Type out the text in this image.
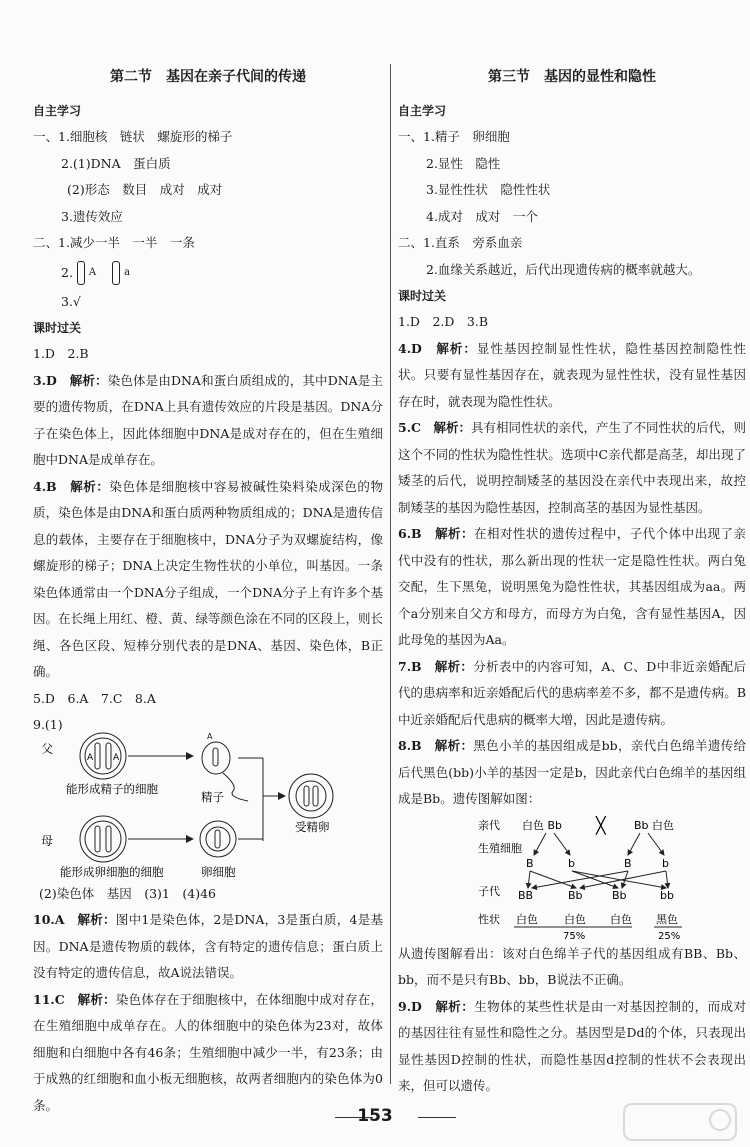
第二节　基因在亲子代间的传递
自主学习
一、1.细胞核　链状　螺旋形的梯子
2.(1)DNA　蛋白质
(2)形态　数目　成对　成对
3.遗传效应
二、1.减少一半　一半　一条
2. A
	a
3.√
课时过关
1.D　2.B
3.D　解析：染色体是由DNA和蛋白质组成的，其中DNA是主要的遗传物质，在DNA上具有遗传效应的片段是基因。DNA分子在染色体上，因此体细胞中DNA是成对存在的，但在生殖细胞中DNA是成单存在。
4.B　解析：染色体是细胞核中容易被碱性染料染成深色的物质，染色体是由DNA和蛋白质两种物质组成的；DNA是遗传信息的载体，主要存在于细胞核中，DNA分子为双螺旋结构，像螺旋形的梯子；DNA上决定生物性状的小单位，叫基因。一条染色体通常由一个DNA分子组成，一个DNA分子上有许多个基因。在长绳上用红、橙、黄、绿等颜色涂在不同的区段上，则长绳、各色区段、短棒分别代表的是DNA、基因、染色体，B正确。
5.D　6.A　7.C　8.A
9.(1)
父
A A
A
能形成精子的细胞
精子
受精卵
母
能形成卵细胞的细胞	卵细胞
(2)染色体　基因　(3)1　(4)46
10.A　解析：图中1是染色体，2是DNA，3是蛋白质，4是基因。DNA是遗传物质的载体，含有特定的遗传信息；蛋白质上没有特定的遗传信息，故A说法错误。
11.C　解析：染色体存在于细胞核中，在体细胞中成对存在，在生殖细胞中成单存在。人的体细胞中的染色体为23对，故体细胞和白细胞中各有46条；生殖细胞中减少一半，有23条；由于成熟的红细胞和血小板无细胞核，故两者细胞内的染色体为0条。
第三节　基因的显性和隐性
自主学习
一、1.精子　卵细胞
2.显性　隐性
3.显性性状　隐性性状
4.成对　成对　一个
二、1.直系　旁系血亲
2.血缘关系越近，后代出现遗传病的概率就越大。
课时过关
1.D　2.D　3.B
4.D　解析：显性基因控制显性性状，隐性基因控制隐性性状。只要有显性基因存在，就表现为显性性状，没有显性基因存在时，就表现为隐性性状。
5.C　解析：具有相同性状的亲代，产生了不同性状的后代，则这个不同的性状为隐性性状。选项中C亲代都是高茎，却出现了矮茎的后代，说明控制矮茎的基因没在亲代中表现出来，故控制矮茎的基因为隐性基因，控制高茎的基因为显性基因。
6.B　解析：在相对性状的遗传过程中，子代个体中出现了亲代中没有的性状，那么新出现的性状一定是隐性性状。两白兔交配，生下黑兔，说明黑兔为隐性性状，其基因组成为aa。两个a分别来自父方和母方，而母方为白兔，含有显性基因A，因此母兔的基因为Aa。
7.B　解析：分析表中的内容可知，A、C、D中非近亲婚配后代的患病率和近亲婚配后代的患病率差不多，都不是遗传病。B中近亲婚配后代患病的概率大增，因此是遗传病。
8.B　解析：黑色小羊的基因组成是bb，亲代白色绵羊遗传给后代黑色(bb)小羊的基因一定是b，因此亲代白色绵羊的基因组成是Bb。遗传图解如图：
亲代
生殖细胞
子代
性状
白色 Bb ╳	Bb 白色
B	b	B	b
BB	Bb	Bb	bb
白色 白色 白色 黑色
75%	25%
从遗传图解看出：该对白色绵羊子代的基因组成有BB、Bb、bb，而不是只有Bb、bb，B说法不正确。
9.D　解析：生物体的某些性状是由一对基因控制的，而成对的基因往往有显性和隐性之分。基因型是Dd的个体，只表现出显性基因D控制的性状，而隐性基因d控制的性状不会表现出来，但可以遗传。
153
